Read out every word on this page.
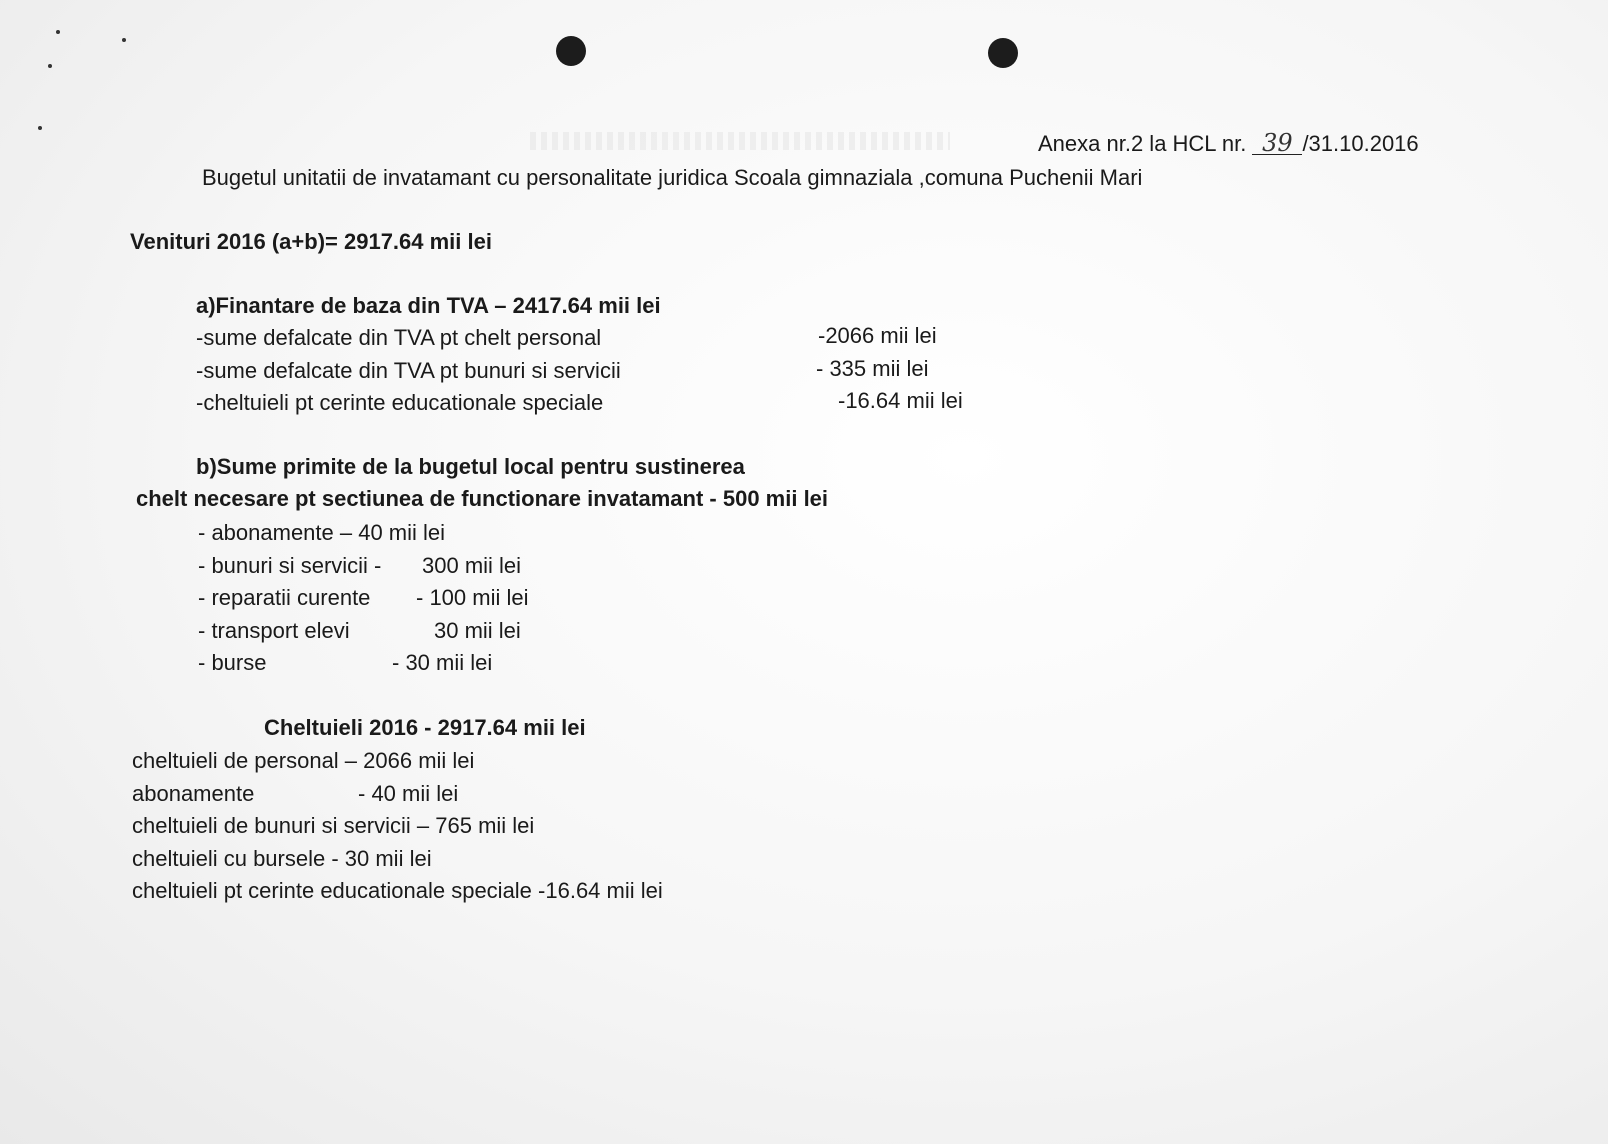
Anexa nr.2 la HCL nr. 39 /31.10.2016
Bugetul unitatii de invatamant cu personalitate juridica Scoala gimnaziala ,comuna Puchenii Mari
Venituri 2016 (a+b)= 2917.64 mii lei
a)Finantare de baza din TVA – 2417.64 mii lei
-sume defalcate din TVA pt chelt personal	-2066 mii lei
-sume defalcate din TVA pt bunuri si servicii	- 335 mii lei
-cheltuieli pt cerinte educationale speciale	-16.64 mii lei
b)Sume primite de la bugetul local pentru sustinerea
chelt necesare pt sectiunea de functionare invatamant - 500 mii lei
- abonamente – 40 mii lei
- bunuri si servicii - 300 mii lei
- reparatii curente - 100 mii lei
- transport elevi	30 mii lei
- burse	- 30 mii lei
Cheltuieli 2016 - 2917.64 mii lei
cheltuieli de personal – 2066 mii lei
abonamente	- 40 mii lei
cheltuieli de bunuri si servicii – 765 mii lei
cheltuieli cu bursele - 30 mii lei
cheltuieli pt cerinte educationale speciale -16.64 mii lei
